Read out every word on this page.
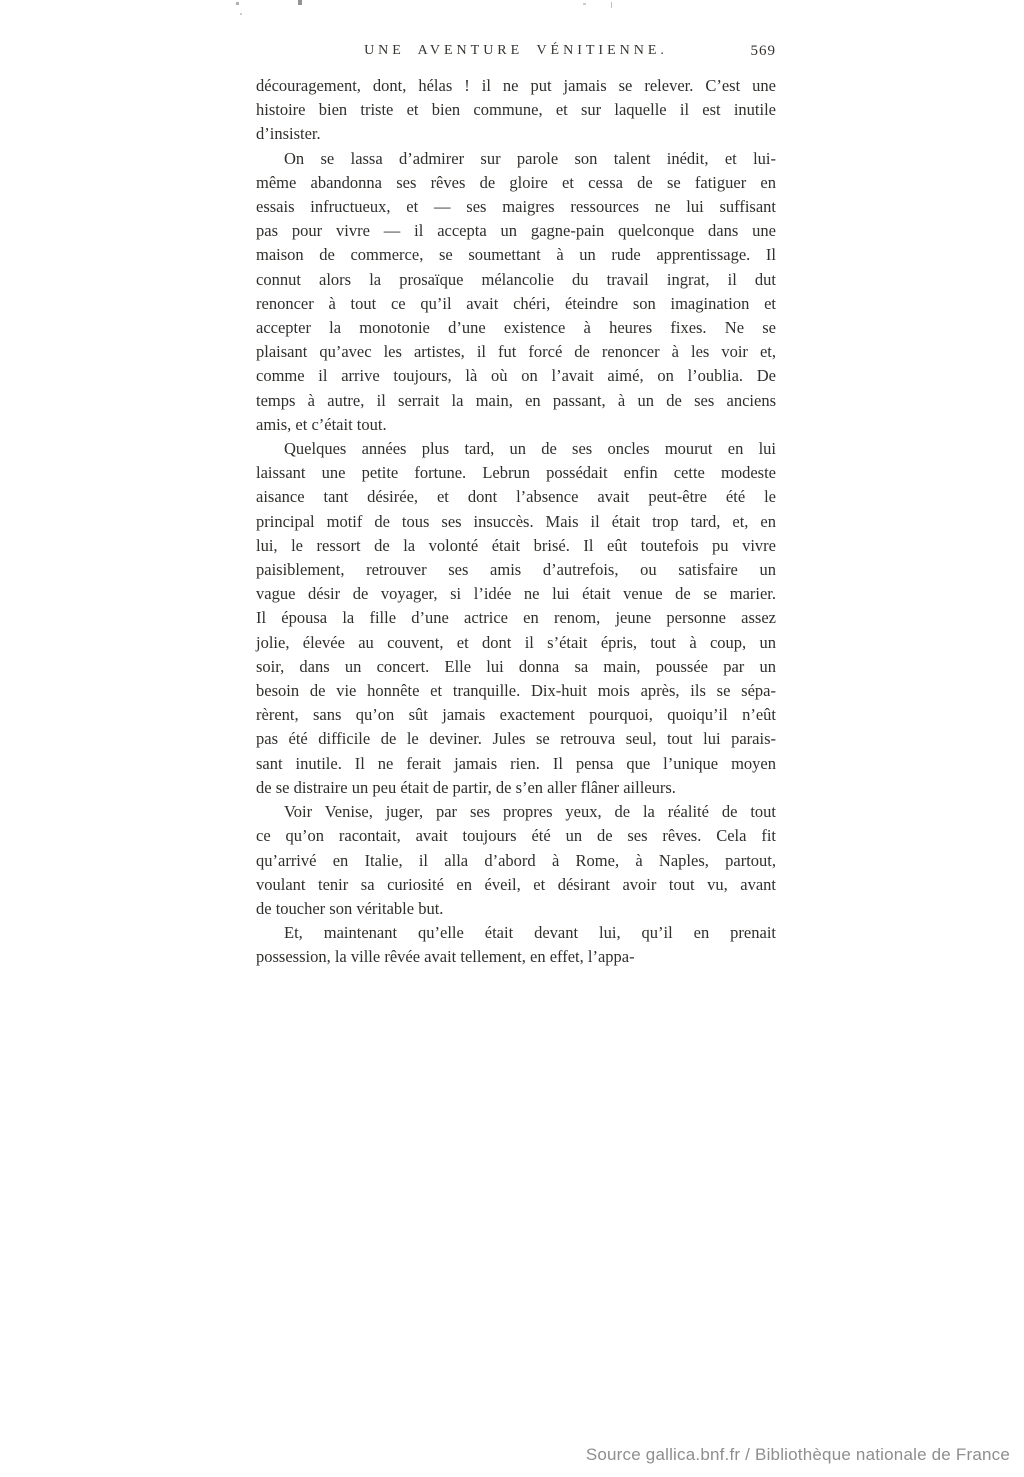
UNE AVENTURE VÉNITIENNE.	569
découragement, dont, hélas ! il ne put jamais se relever. C’est une
histoire bien triste et bien commune, et sur laquelle il est inutile
d’insister.
On se lassa d’admirer sur parole son talent inédit, et lui-
même abandonna ses rêves de gloire et cessa de se fatiguer en
essais infructueux, et — ses maigres ressources ne lui suffisant
pas pour vivre — il accepta un gagne-pain quelconque dans une
maison de commerce, se soumettant à un rude apprentissage. Il
connut alors la prosaïque mélancolie du travail ingrat, il dut
renoncer à tout ce qu’il avait chéri, éteindre son imagination et
accepter la monotonie d’une existence à heures fixes. Ne se
plaisant qu’avec les artistes, il fut forcé de renoncer à les voir et,
comme il arrive toujours, là où on l’avait aimé, on l’oublia. De
temps à autre, il serrait la main, en passant, à un de ses anciens
amis, et c’était tout.
Quelques années plus tard, un de ses oncles mourut en lui
laissant une petite fortune. Lebrun possédait enfin cette modeste
aisance tant désirée, et dont l’absence avait peut-être été le
principal motif de tous ses insuccès. Mais il était trop tard, et, en
lui, le ressort de la volonté était brisé. Il eût toutefois pu vivre
paisiblement, retrouver ses amis d’autrefois, ou satisfaire un
vague désir de voyager, si l’idée ne lui était venue de se marier.
Il épousa la fille d’une actrice en renom, jeune personne assez
jolie, élevée au couvent, et dont il s’était épris, tout à coup, un
soir, dans un concert. Elle lui donna sa main, poussée par un
besoin de vie honnête et tranquille. Dix-huit mois après, ils se sépa-
rèrent, sans qu’on sût jamais exactement pourquoi, quoiqu’il n’eût
pas été difficile de le deviner. Jules se retrouva seul, tout lui parais-
sant inutile. Il ne ferait jamais rien. Il pensa que l’unique moyen
de se distraire un peu était de partir, de s’en aller flâner ailleurs.
Voir Venise, juger, par ses propres yeux, de la réalité de tout
ce qu’on racontait, avait toujours été un de ses rêves. Cela fit
qu’arrivé en Italie, il alla d’abord à Rome, à Naples, partout,
voulant tenir sa curiosité en éveil, et désirant avoir tout vu, avant
de toucher son véritable but.
Et, maintenant qu’elle était devant lui, qu’il en prenait
possession, la ville rêvée avait tellement, en effet, l’appa-
Source gallica.bnf.fr / Bibliothèque nationale de France
